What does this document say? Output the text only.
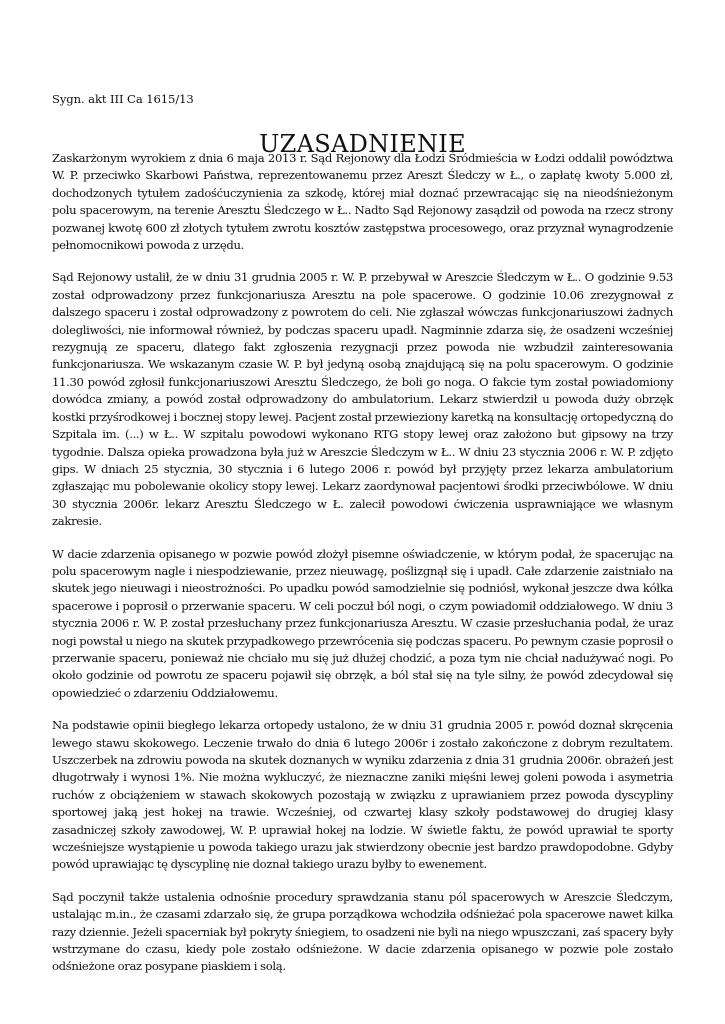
Sygn. akt III Ca 1615/13
UZASADNIENIE

Zaskarżonym wyrokiem z dnia 6 maja 2013 r. Sąd Rejonowy dla Łodzi Śródmieścia w Łodzi oddalił powództwa W. P. przeciwko Skarbowi Państwa, reprezentowanemu przez Areszt Śledczy w Ł., o zapłatę kwoty 5.000 zł, dochodzonych tytułem zadośćuczynienia za szkodę, której miał doznać przewracając się na nieodśnieżonym polu spacerowym, na terenie Aresztu Śledczego w Ł.. Nadto Sąd Rejonowy zasądził od powoda na rzecz strony pozwanej kwotę 600 zł złotych tytułem zwrotu kosztów zastępstwa procesowego, oraz przyznał wynagrodzenie pełnomocnikowi powoda z urzędu.

Sąd Rejonowy ustalił, że w dniu 31 grudnia 2005 r. W. P. przebywał w Areszcie Śledczym w Ł.. O godzinie 9.53 został odprowadzony przez funkcjonariusza Aresztu na pole spacerowe. O godzinie 10.06 zrezygnował z dalszego spaceru i został odprowadzony z powrotem do celi. Nie zgłaszał wówczas funkcjonariuszowi żadnych dolegliwości, nie informował również, by podczas spaceru upadł. Nagminnie zdarza się, że osadzeni wcześniej rezygnują ze spaceru, dlatego fakt zgłoszenia rezygnacji przez powoda nie wzbudził zainteresowania funkcjonariusza. We wskazanym czasie W. P. był jedyną osobą znajdującą się na polu spacerowym. O godzinie 11.30 powód zgłosił funkcjonariuszowi Aresztu Śledczego, że boli go noga. O fakcie tym został powiadomiony dowódca zmiany, a powód został odprowadzony do ambulatorium. Lekarz stwierdził u powoda duży obrzęk kostki przyśrodkowej i bocznej stopy lewej. Pacjent został przewieziony karetką na konsultację ortopedyczną do Szpitala im. (...) w Ł.. W szpitalu powodowi wykonano RTG stopy lewej oraz założono but gipsowy na trzy tygodnie. Dalsza opieka prowadzona była już w Areszcie Śledczym w Ł.. W dniu 23 stycznia 2006 r. W. P. zdjęto gips. W dniach 25 stycznia, 30 stycznia i 6 lutego 2006 r. powód był przyjęty przez lekarza ambulatorium zgłaszając mu pobolewanie okolicy stopy lewej. Lekarz zaordynował pacjentowi środki przeciwbólowe. W dniu 30 stycznia 2006r. lekarz Aresztu Śledczego w Ł. zalecił powodowi ćwiczenia usprawniające we własnym zakresie.

W dacie zdarzenia opisanego w pozwie powód złożył pisemne oświadczenie, w którym podał, że spacerując na polu spacerowym nagle i niespodziewanie, przez nieuwagę, poślizgnął się i upadł. Całe zdarzenie zaistniało na skutek jego nieuwagi i nieostrożności. Po upadku powód samodzielnie się podniósł, wykonał jeszcze dwa kółka spacerowe i poprosił o przerwanie spaceru. W celi poczuł ból nogi, o czym powiadomił oddziałowego. W dniu 3 stycznia 2006 r. W. P. został przesłuchany przez funkcjonariusza Aresztu. W czasie przesłuchania podał, że uraz nogi powstał u niego na skutek przypadkowego przewrócenia się podczas spaceru. Po pewnym czasie poprosił o przerwanie spaceru, ponieważ nie chciało mu się już dłużej chodzić, a poza tym nie chciał nadużywać nogi. Po około godzinie od powrotu ze spaceru pojawił się obrzęk, a ból stał się na tyle silny, że powód zdecydował się opowiedzieć o zdarzeniu Oddziałowemu.

Na podstawie opinii biegłego lekarza ortopedy ustalono, że w dniu 31 grudnia 2005 r. powód doznał skręcenia lewego stawu skokowego. Leczenie trwało do dnia 6 lutego 2006r i zostało zakończone z dobrym rezultatem. Uszczerbek na zdrowiu powoda na skutek doznanych w wyniku zdarzenia z dnia 31 grudnia 2006r. obrażeń jest długotrwały i wynosi 1%. Nie można wykluczyć, że nieznaczne zaniki mięśni lewej goleni powoda i asymetria ruchów z obciążeniem w stawach skokowych pozostają w związku z uprawianiem przez powoda dyscypliny sportowej jaką jest hokej na trawie. Wcześniej, od czwartej klasy szkoły podstawowej do drugiej klasy zasadniczej szkoły zawodowej, W. P. uprawiał hokej na lodzie. W świetle faktu, że powód uprawiał te sporty wcześniejsze wystąpienie u powoda takiego urazu jak stwierdzony obecnie jest bardzo prawdopodobne. Gdyby powód uprawiając tę dyscyplinę nie doznał takiego urazu byłby to ewenement.

Sąd poczynił także ustalenia odnośnie procedury sprawdzania stanu pól spacerowych w Areszcie Śledczym, ustalając m.in., że czasami zdarzało się, że grupa porządkowa wchodziła odśnieżać pola spacerowe nawet kilka razy dziennie. Jeżeli spacerniak był pokryty śniegiem, to osadzeni nie byli na niego wpuszczani, zaś spacery były wstrzymane do czasu, kiedy pole zostało odśnieżone. W dacie zdarzenia opisanego w pozwie pole zostało odśnieżone oraz posypane piaskiem i solą.
